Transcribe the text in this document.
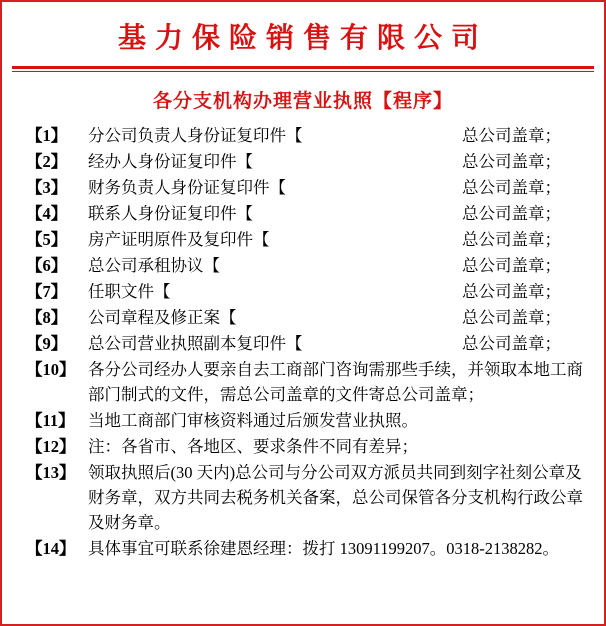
基力保险销售有限公司
各分支机构办理营业执照【程序】
【1】	分公司负责人身份证复印件【	总公司盖章；
【2】	经办人身份证复印件【	总公司盖章；
【3】	财务负责人身份证复印件【	总公司盖章；
【4】	联系人身份证复印件【	总公司盖章；
【5】	房产证明原件及复印件【	总公司盖章；
【6】	总公司承租协议【	总公司盖章；
【7】	任职文件【	总公司盖章；
【8】	公司章程及修正案【	总公司盖章；
【9】	总公司营业执照副本复印件【	总公司盖章；
【10】 各分公司经办人要亲自去工商部门咨询需那些手续，并领取本地工商部门制式的文件，需总公司盖章的文件寄总公司盖章；
【11】 当地工商部门审核资料通过后颁发营业执照。
【12】 注：各省市、各地区、要求条件不同有差异；
【13】 领取执照后(30 天内)总公司与分公司双方派员共同到刻字社刻公章及财务章，双方共同去税务机关备案，总公司保管各分支机构行政公章及财务章。
【14】 具体事宜可联系徐建恩经理：拨打 13091199207。0318-2138282。
